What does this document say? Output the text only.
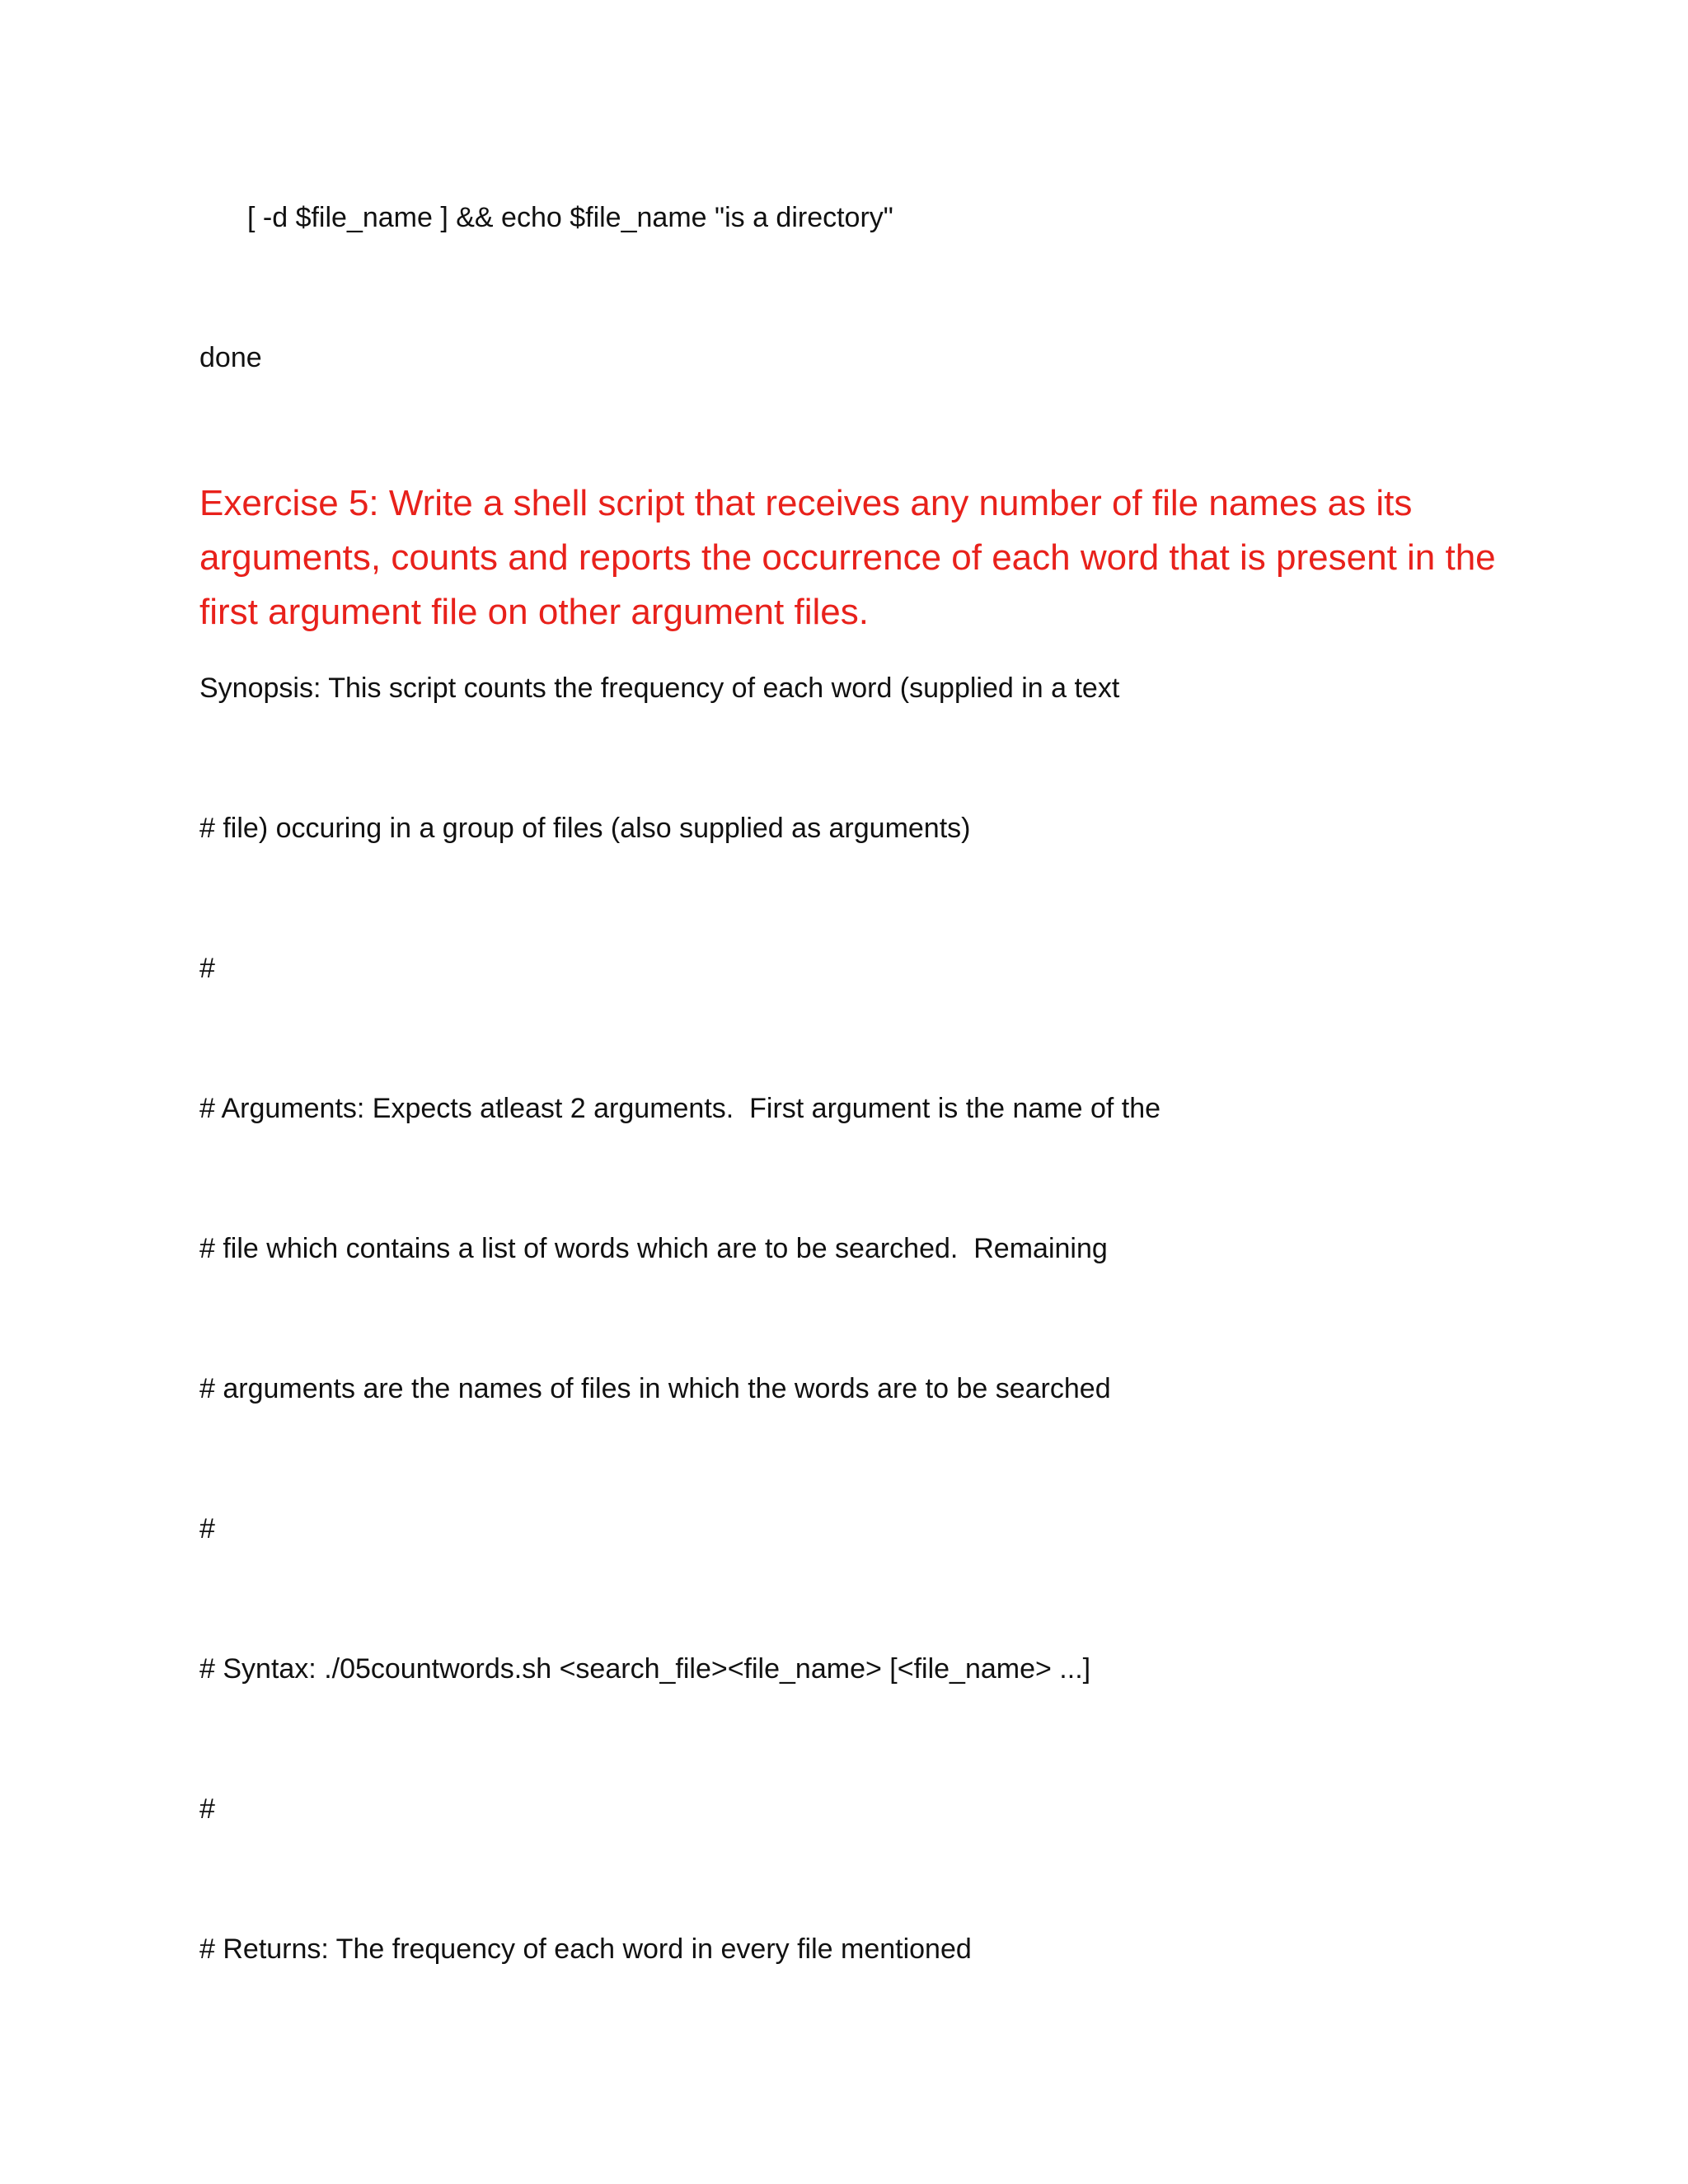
[ -d $file_name ] && echo $file_name "is a directory"
done
Exercise 5: Write a shell script that receives any number of file names as its
arguments, counts and reports the occurrence of each word that is present in the
first argument file on other argument files.
Synopsis: This script counts the frequency of each word (supplied in a text
# file) occuring in a group of files (also supplied as arguments)
#
# Arguments: Expects atleast 2 arguments.  First argument is the name of the
# file which contains a list of words which are to be searched.  Remaining
# arguments are the names of files in which the words are to be searched
#
# Syntax: ./05countwords.sh <search_file><file_name> [<file_name> ...]
#
# Returns: The frequency of each word in every file mentioned
